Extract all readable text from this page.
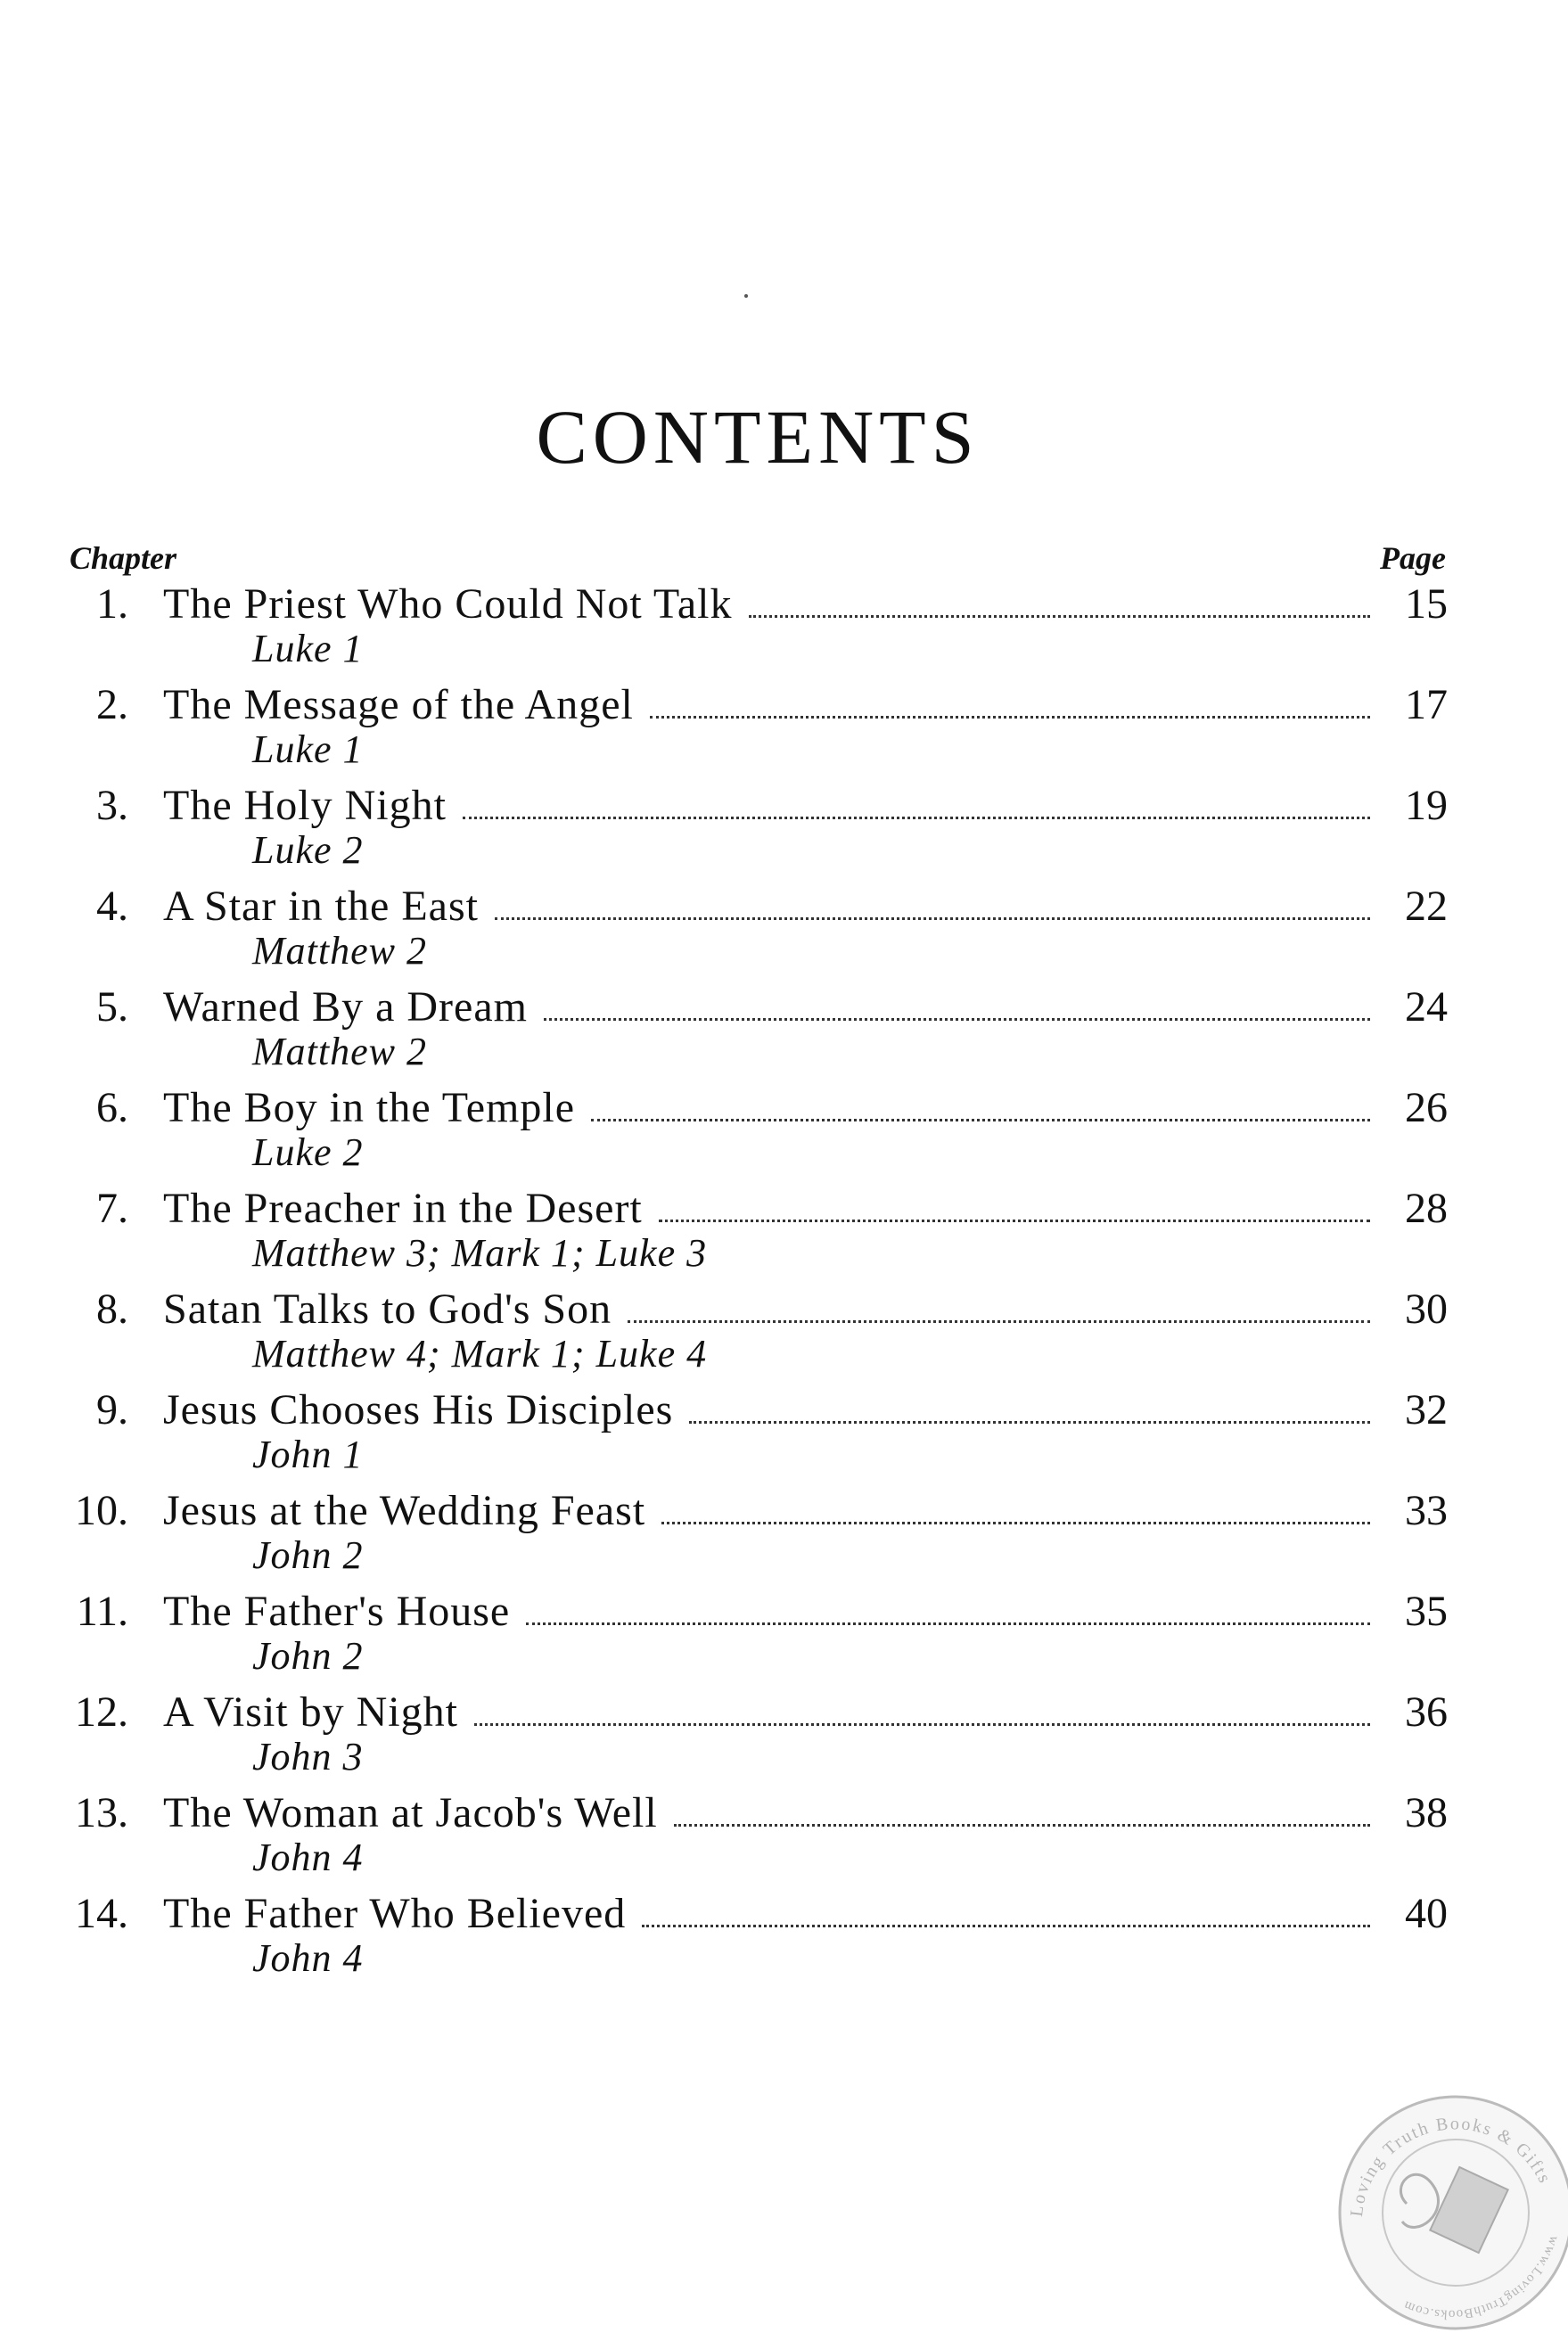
CONTENTS
Chapter	Page
1. The Priest Who Could Not Talk	15
Luke 1
2. The Message of the Angel	17
Luke 1
3. The Holy Night	19
Luke 2
4. A Star in the East	22
Matthew 2
5. Warned By a Dream	24
Matthew 2
6. The Boy in the Temple	26
Luke 2
7. The Preacher in the Desert	28
Matthew 3; Mark 1; Luke 3
8. Satan Talks to God's Son	30
Matthew 4; Mark 1; Luke 4
9. Jesus Chooses His Disciples	32
John 1
10. Jesus at the Wedding Feast	33
John 2
11. The Father's House	35
John 2
12. A Visit by Night	36
John 3
13. The Woman at Jacob's Well	38
John 4
14. The Father Who Believed	40
John 4
Loving Truth Books & Gifts
www.LovingTruthBooks.com
